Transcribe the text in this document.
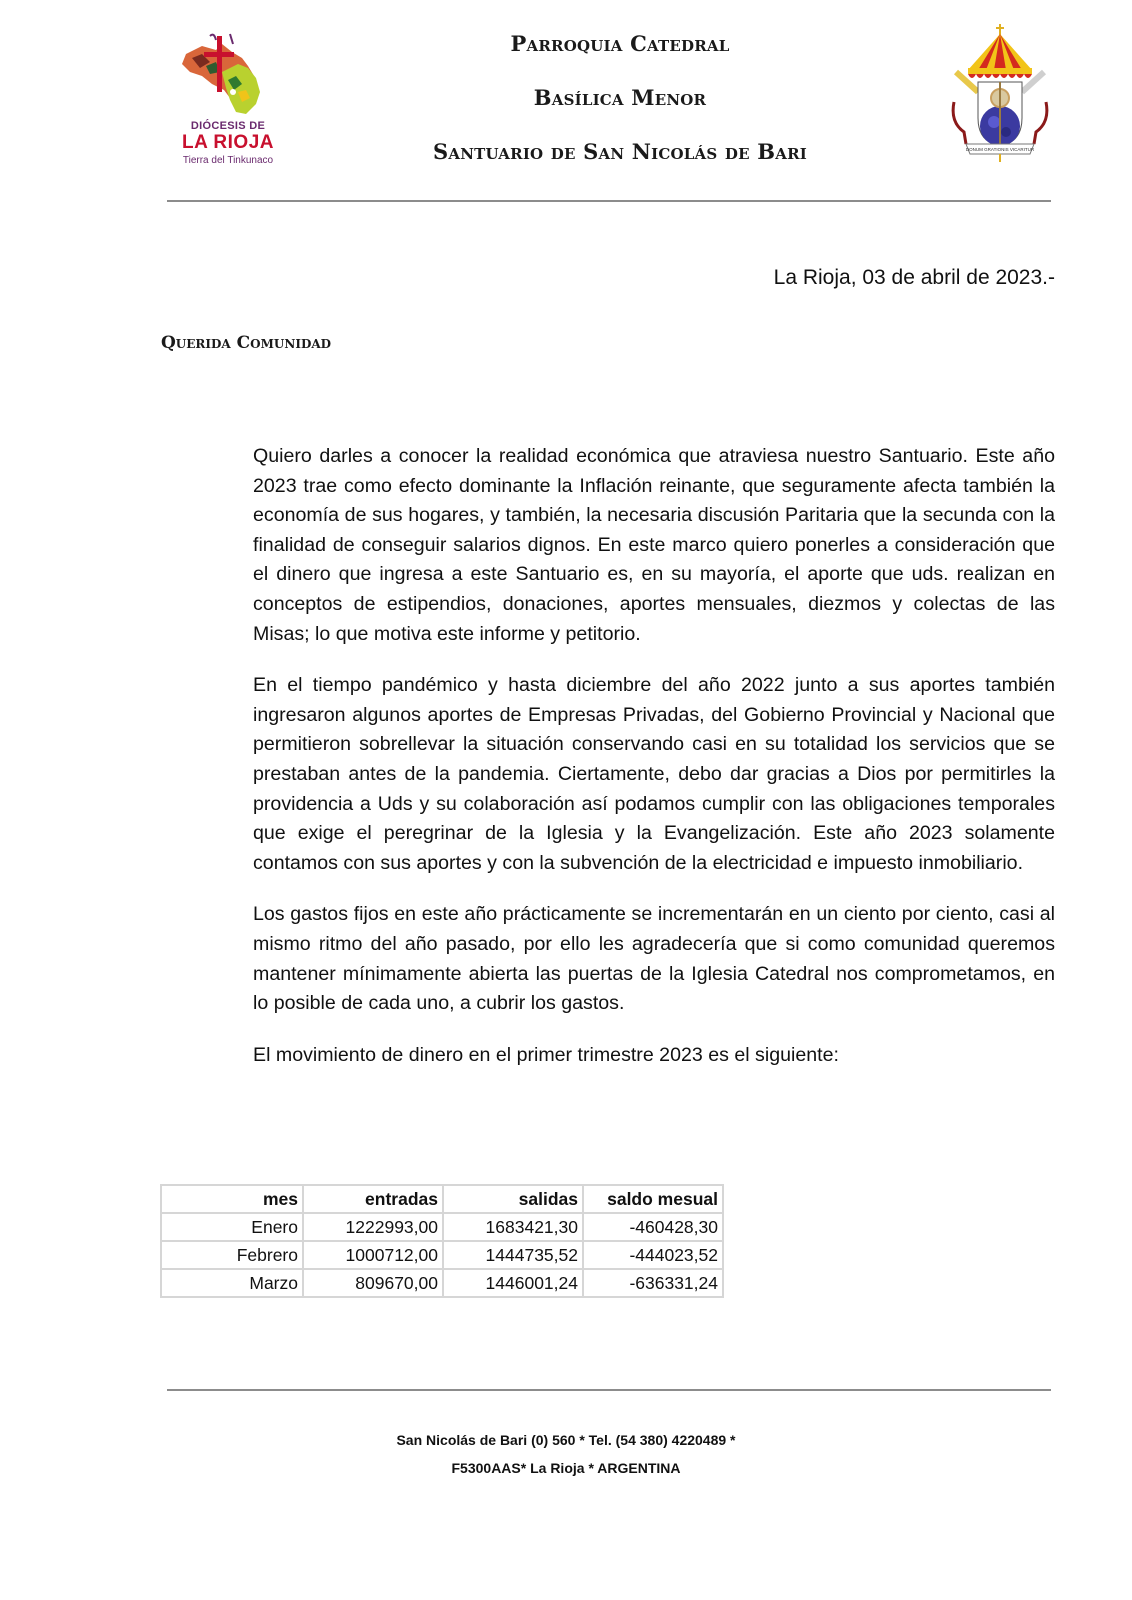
DIÓCESIS DE
LA RIOJA
Tierra del Tinkunaco
Parroquia Catedral
Basílica Menor
Santuario de San Nicolás de Bari	DONUM GRATIONIS VICARITUR
La Rioja, 03 de abril de 2023.-
Querida Comunidad

Quiero darles a conocer la realidad económica que atraviesa nuestro Santuario. Este año 2023 trae como efecto dominante la Inflación reinante, que seguramente afecta también la economía de sus hogares, y también, la necesaria discusión Paritaria que la secunda con la finalidad de conseguir salarios dignos. En este marco quiero ponerles a consideración que el dinero que ingresa a este Santuario es, en su mayoría, el aporte que uds. realizan en conceptos de estipendios, donaciones, aportes mensuales, diezmos y colectas de las Misas; lo que motiva este informe y petitorio.

En el tiempo pandémico y hasta diciembre del año 2022 junto a sus aportes también ingresaron algunos aportes de Empresas Privadas, del Gobierno Provincial y Nacional que permitieron sobrellevar la situación conservando casi en su totalidad los servicios que se prestaban antes de la pandemia. Ciertamente, debo dar gracias a Dios por permitirles la providencia a Uds y su colaboración así podamos cumplir con las obligaciones temporales que exige el peregrinar de la Iglesia y la Evangelización. Este año 2023 solamente contamos con sus aportes y con la subvención de la electricidad e impuesto inmobiliario.

Los gastos fijos en este año prácticamente se incrementarán en un ciento por ciento, casi al mismo ritmo del año pasado, por ello les agradecería que si como comunidad queremos mantener mínimamente abierta las puertas de la Iglesia Catedral nos comprometamos, en lo posible de cada uno, a cubrir los gastos.

El movimiento de dinero en el primer trimestre 2023 es el siguiente:

mes	entradas	salidas	saldo mesual
Enero	1222993,00	1683421,30	-460428,30
Febrero	1000712,00	1444735,52	-444023,52
Marzo	809670,00	1446001,24	-636331,24
San Nicolás de Bari (0) 560 * Tel. (54 380) 4220489 *
F5300AAS* La Rioja * ARGENTINA
